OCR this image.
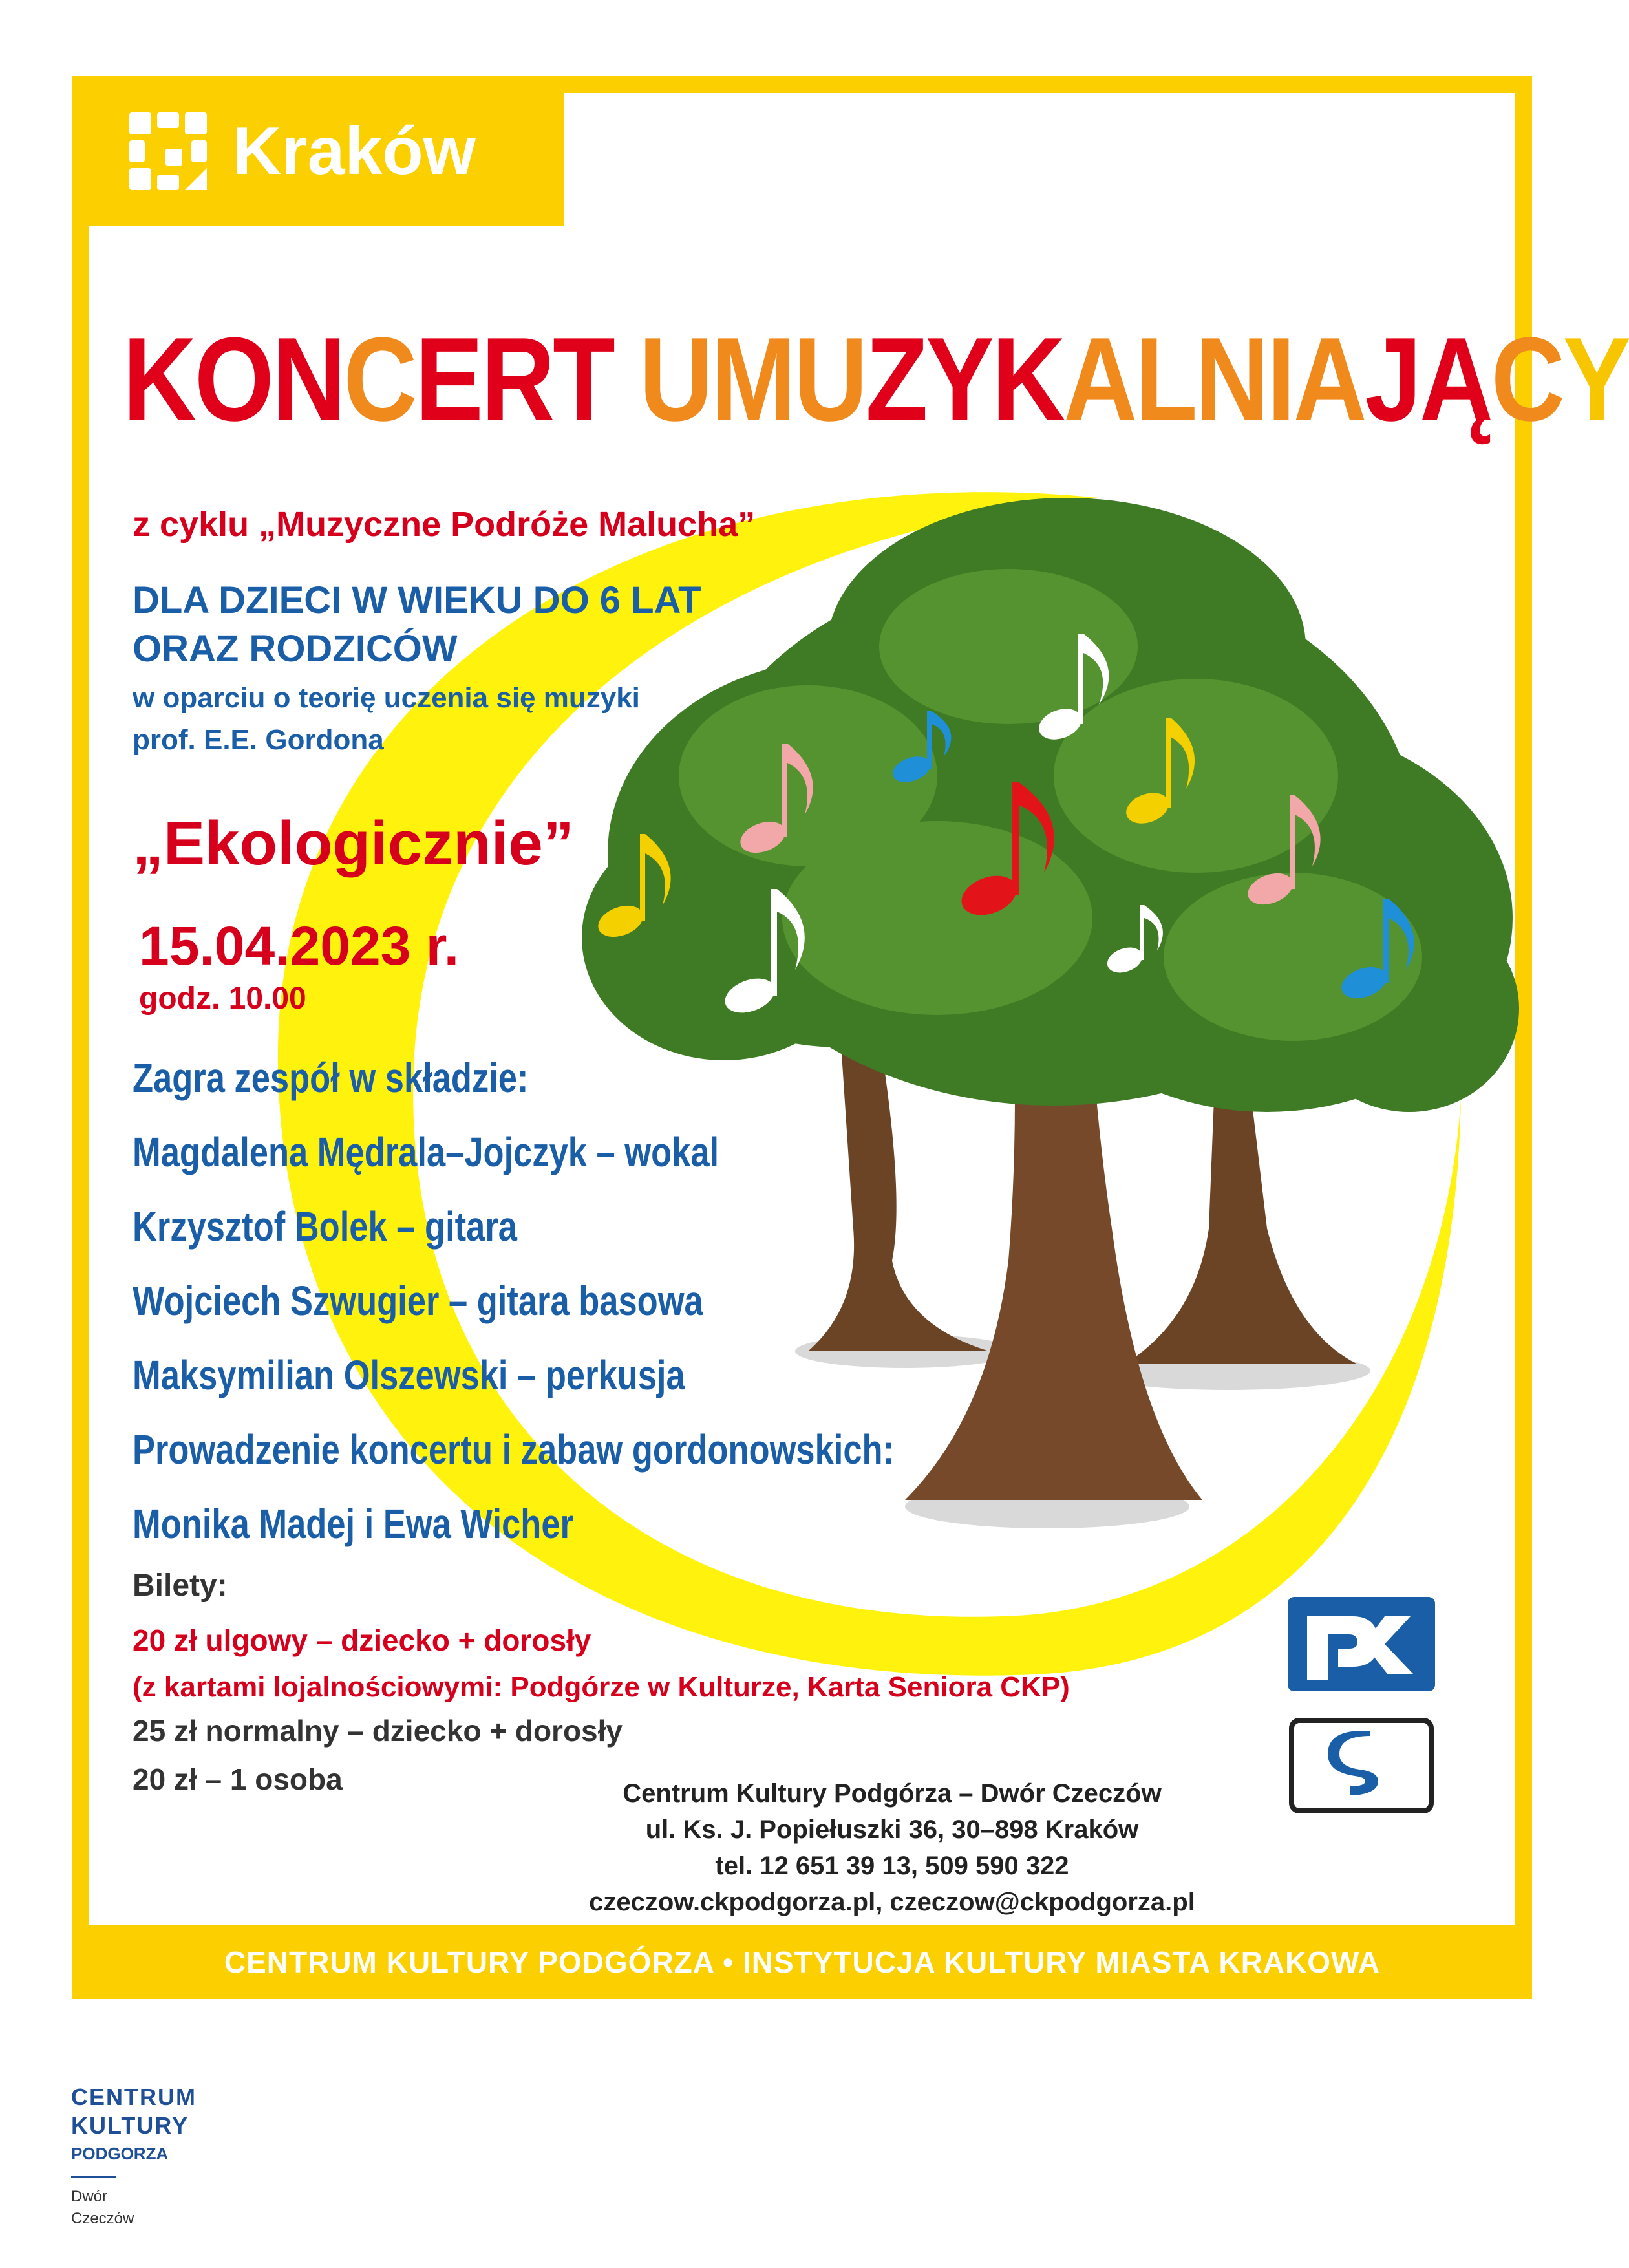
Kraków
KONCERT UMUZYKALNIAJĄCY
z cyklu „Muzyczne Podróże Malucha”
DLA DZIECI W WIEKU DO 6 LAT
ORAZ RODZICÓW
w oparciu o teorię uczenia się muzyki
prof. E.E. Gordona
„Ekologicznie”
15.04.2023 r.
godz. 10.00
Zagra zespół w składzie:
Magdalena Mędrala–Jojczyk – wokal
Krzysztof Bolek – gitara
Wojciech Szwugier – gitara basowa
Maksymilian Olszewski – perkusja
Prowadzenie koncertu i zabaw gordonowskich:
Monika Madej i Ewa Wicher
Bilety:
20 zł ulgowy – dziecko + dorosły
(z kartami lojalnościowymi: Podgórze w Kulturze, Karta Seniora CKP)
25 zł normalny – dziecko + dorosły
20 zł – 1 osoba	Centrum Kultury Podgórza – Dwór Czeczów
ul. Ks. J. Popiełuszki 36, 30–898 Kraków
tel. 12 651 39 13, 509 590 322
czeczow.ckpodgorza.pl, czeczow@ckpodgorza.pl
CENTRUM KULTURY PODGÓRZA • INSTYTUCJA KULTURY MIASTA KRAKOWA
CENTRUM
KULTURY
PODGORZA
Dwór
Czeczów
